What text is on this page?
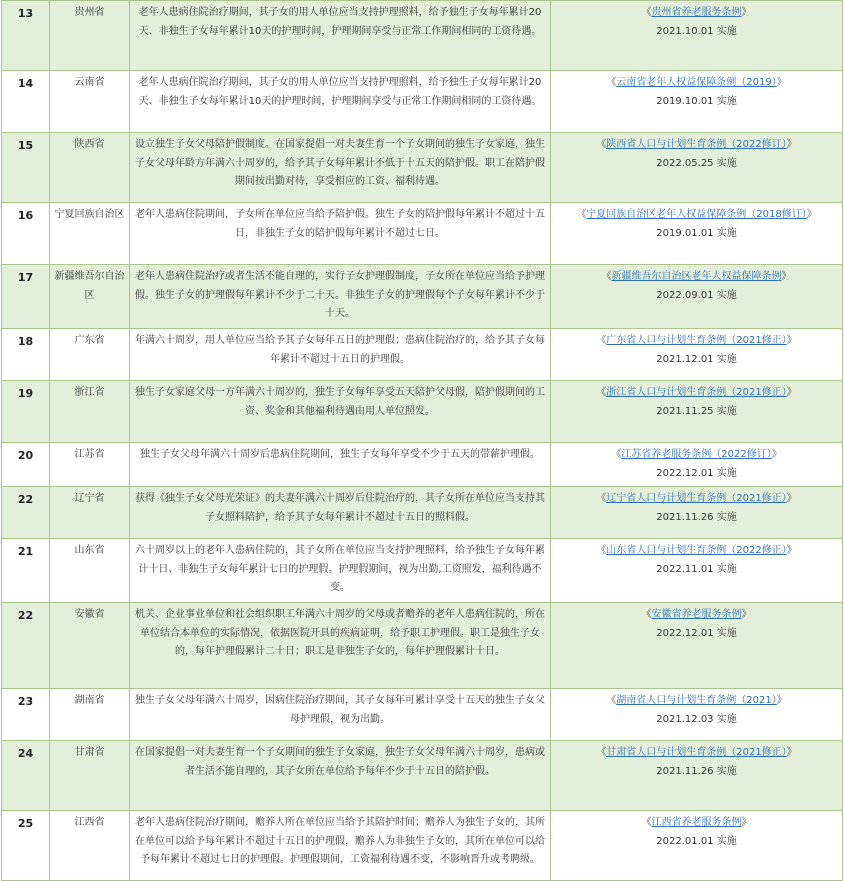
13	贵州省	老年人患病住院治疗期间，其子女的用人单位应当支持护理照料，给予独生子女每年累计20天、非独生子女每年累计10天的护理时间，护理期间享受与正常工作期间相同的工资待遇。	《贵州省养老服务条例》
2021.10.01 实施

14	云南省	老年人患病住院治疗期间，其子女的用人单位应当支持护理照料，给予独生子女每年累计20天、非独生子女每年累计10天的护理时间，护理期间享受与正常工作期间相同的工资待遇。	《云南省老年人权益保障条例（2019）》
2019.10.01 实施

15	陕西省	设立独生子女父母陪护假制度。在国家提倡一对夫妻生育一个子女期间的独生子女家庭，独生子女父母年龄方年满六十周岁的，给予其子女每年累计不低于十五天的陪护假。职工在陪护假期间按出勤对待，享受相应的工资、福利待遇。	《陕西省人口与计划生育条例（2022修订）》
2022.05.25 实施

16	宁夏回族自治区	老年人患病住院期间，子女所在单位应当给予陪护假。独生子女的陪护假每年累计不超过十五日，非独生子女的陪护假每年累计不超过七日。	《宁夏回族自治区老年人权益保障条例（2018修订）》
2019.01.01 实施

17	新疆维吾尔自治区	老年人患病住院治疗或者生活不能自理的，实行子女护理假制度，子女所在单位应当给予护理假。独生子女的护理假每年累计不少于二十天。非独生子女的护理假每个子女每年累计不少于十天。	《新疆维吾尔自治区老年人权益保障条例》
2022.09.01 实施

18	广东省	年满六十周岁，用人单位应当给予其子女每年五日的护理假；患病住院治疗的，给予其子女每年累计不超过十五日的护理假。	《广东省人口与计划生育条例（2021修正）》
2021.12.01 实施

19	浙江省	独生子女家庭父母一方年满六十周岁的，独生子女每年享受五天陪护父母假，陪护假期间的工资、奖金和其他福利待遇由用人单位照发。	《浙江省人口与计划生育条例（2021修正）》
2021.11.25 实施

20	江苏省	独生子女父母年满六十周岁后患病住院期间，独生子女每年享受不少于五天的带薪护理假。	《江苏省养老服务条例（2022修订）》
2022.12.01 实施

22	辽宁省	获得《独生子女父母光荣证》的夫妻年满六十周岁后住院治疗的，其子女所在单位应当支持其子女照料陪护，给予其子女每年累计不超过十五日的照料假。	《辽宁省人口与计划生育条例（2021修正）》
2021.11.26 实施

21	山东省	六十周岁以上的老年人患病住院的，其子女所在单位应当支持护理照料，给予独生子女每年累计十日、非独生子女每年累计七日的护理假。护理假期间，视为出勤,工资照发，福利待遇不变。	《山东省人口与计划生育条例（2022修正）》
2022.11.01 实施

22	安徽省	机关、企业事业单位和社会组织职工年满六十周岁的父母或者赡养的老年人患病住院的，所在单位结合本单位的实际情况，依据医院开具的疾病证明，给予职工护理假。职工是独生子女的，每年护理假累计二十日；职工是非独生子女的，每年护理假累计十日。	《安徽省养老服务条例》
2022.12.01 实施

23	湖南省	独生子女父母年满六十周岁，因病住院治疗期间，其子女每年可累计享受十五天的独生子女父母护理假，视为出勤。	《湖南省人口与计划生育条例（2021）》
2021.12.03 实施

24	甘肃省	在国家提倡一对夫妻生育一个子女期间的独生子女家庭，独生子女父母年满六十周岁，患病或者生活不能自理的，其子女所在单位给予每年不少于十五日的陪护假。	《甘肃省人口与计划生育条例（2021修正）》
2021.11.26 实施

25	江西省	老年人患病住院治疗期间，赡养人所在单位应当给予其陪护时间；赡养人为独生子女的，其所在单位可以给予每年累计不超过十五日的护理假，赡养人为非独生子女的，其所在单位可以给予每年累计不超过七日的护理假。护理假期间，工资福利待遇不变，不影响晋升或考聘级。	《江西省养老服务条例》
2022.01.01 实施
